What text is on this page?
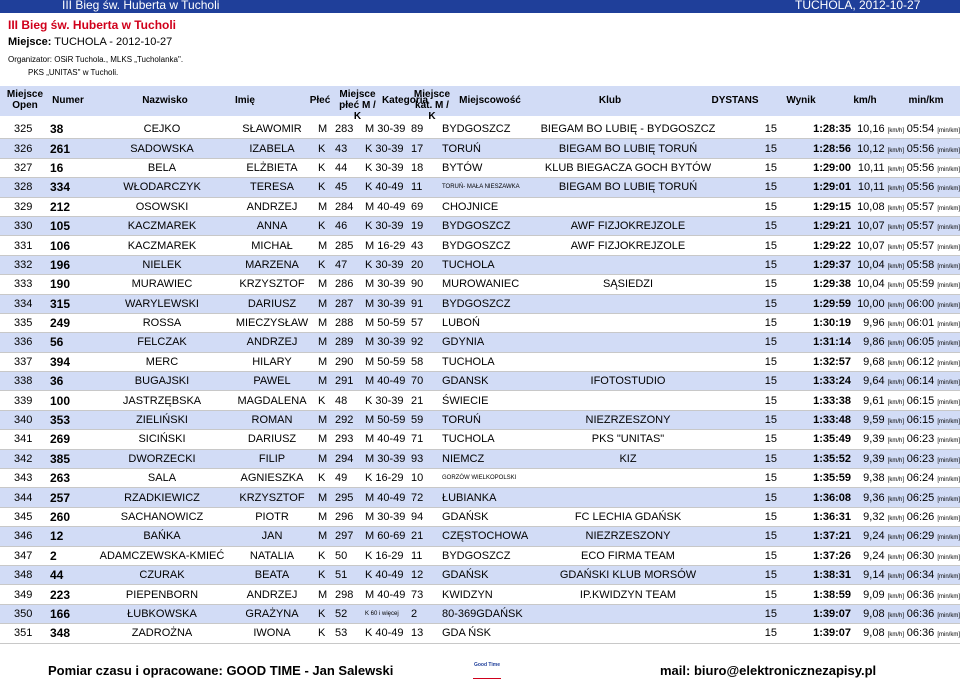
III Bieg św. Huberta w Tucholi	TUCHOLA, 2012-10-27
III Bieg św. Huberta w Tucholi
Miejsce: TUCHOLA - 2012-10-27
Organizator: OSiR Tuchola., MLKS „Tucholanka".
PKS „UNITAS" w Tucholi.
Miejsce Open	Numer	Nazwisko	Imię	Płeć
Miejsce płeć M / K
Kategoria
Miejsce kat. M / K
Miejscowość	Klub	DYSTANS	Wynik	km/h	min/km
325	38	CEJKO	SŁAWOMIR	M	283	M 30-39	89	BYDGOSZCZ	BIEGAM BO LUBIĘ - BYDGOSZCZ	15	1:28:35	10,16 [km/h]	05:54 [min/km]
326	261	SADOWSKA	IZABELA	K	43	K 30-39	17	TORUŃ	BIEGAM BO LUBIĘ TORUŃ	15	1:28:56	10,12 [km/h]	05:56 [min/km]
327	16	BELA	ELŻBIETA	K	44	K 30-39	18	BYTÓW	KLUB BIEGACZA GOCH BYTÓW	15	1:29:00	10,11 [km/h]	05:56 [min/km]
328	334	WŁODARCZYK	TERESA	K	45	K 40-49	11	TORUŃ- MAŁA NIESZAWKA	BIEGAM BO LUBIĘ TORUŃ	15	1:29:01	10,11 [km/h]	05:56 [min/km]
329	212	OSOWSKI	ANDRZEJ	M	284	M 40-49	69	CHOJNICE		15	1:29:15	10,08 [km/h]	05:57 [min/km]
330	105	KACZMAREK	ANNA	K	46	K 30-39	19	BYDGOSZCZ	AWF FIZJOKREJZOLE	15	1:29:21	10,07 [km/h]	05:57 [min/km]
331	106	KACZMAREK	MICHAŁ	M	285	M 16-29	43	BYDGOSZCZ	AWF FIZJOKREJZOLE	15	1:29:22	10,07 [km/h]	05:57 [min/km]
332	196	NIELEK	MARZENA	K	47	K 30-39	20	TUCHOLA		15	1:29:37	10,04 [km/h]	05:58 [min/km]
333	190	MURAWIEC	KRZYSZTOF	M	286	M 30-39	90	MUROWANIEC	SĄSIEDZI	15	1:29:38	10,04 [km/h]	05:59 [min/km]
334	315	WARYLEWSKI	DARIUSZ	M	287	M 30-39	91	BYDGOSZCZ		15	1:29:59	10,00 [km/h]	06:00 [min/km]
335	249	ROSSA	MIECZYSŁAW	M	288	M 50-59	57	LUBOŃ		15	1:30:19	9,96 [km/h]	06:01 [min/km]
336	56	FELCZAK	ANDRZEJ	M	289	M 30-39	92	GDYNIA		15	1:31:14	9,86 [km/h]	06:05 [min/km]
337	394	MERC	HILARY	M	290	M 50-59	58	TUCHOLA		15	1:32:57	9,68 [km/h]	06:12 [min/km]
338	36	BUGAJSKI	PAWEL	M	291	M 40-49	70	GDANSK	IFOTOSTUDIO	15	1:33:24	9,64 [km/h]	06:14 [min/km]
339	100	JASTRZĘBSKA	MAGDALENA	K	48	K 30-39	21	ŚWIECIE		15	1:33:38	9,61 [km/h]	06:15 [min/km]
340	353	ZIELIŃSKI	ROMAN	M	292	M 50-59	59	TORUŃ	NIEZRZESZONY	15	1:33:48	9,59 [km/h]	06:15 [min/km]
341	269	SICIŃSKI	DARIUSZ	M	293	M 40-49	71	TUCHOLA	PKS "UNITAS"	15	1:35:49	9,39 [km/h]	06:23 [min/km]
342	385	DWORZECKI	FILIP	M	294	M 30-39	93	NIEMCZ	KIZ	15	1:35:52	9,39 [km/h]	06:23 [min/km]
343	263	SALA	AGNIESZKA	K	49	K 16-29	10	GORZÓW WIELKOPOLSKI		15	1:35:59	9,38 [km/h]	06:24 [min/km]
344	257	RZADKIEWICZ	KRZYSZTOF	M	295	M 40-49	72	ŁUBIANKA		15	1:36:08	9,36 [km/h]	06:25 [min/km]
345	260	SACHANOWICZ	PIOTR	M	296	M 30-39	94	GDAŃSK	FC LECHIA GDAŃSK	15	1:36:31	9,32 [km/h]	06:26 [min/km]
346	12	BAŃKA	JAN	M	297	M 60-69	21	CZĘSTOCHOWA	NIEZRZESZONY	15	1:37:21	9,24 [km/h]	06:29 [min/km]
347	2	ADAMCZEWSKA-KMIEĆ	NATALIA	K	50	K 16-29	11	BYDGOSZCZ	ECO FIRMA TEAM	15	1:37:26	9,24 [km/h]	06:30 [min/km]
348	44	CZURAK	BEATA	K	51	K 40-49	12	GDAŃSK	GDAŃSKI KLUB MORSÓW	15	1:38:31	9,14 [km/h]	06:34 [min/km]
349	223	PIEPENBORN	ANDRZEJ	M	298	M 40-49	73	KWIDZYN	IP.KWIDZYN TEAM	15	1:38:59	9,09 [km/h]	06:36 [min/km]
350	166	ŁUBKOWSKA	GRAŻYNA	K	52	K 60 i więcej	2	80-369GDAŃSK		15	1:39:07	9,08 [km/h]	06:36 [min/km]
351	348	ZADROŻNA	IWONA	K	53	K 40-49	13	GDA ŃSK		15	1:39:07	9,08 [km/h]	06:36 [min/km]
Pomiar czasu i opracowane: GOOD TIME - Jan Salewski	Good Time	mail: biuro@elektronicznezapisy.pl
